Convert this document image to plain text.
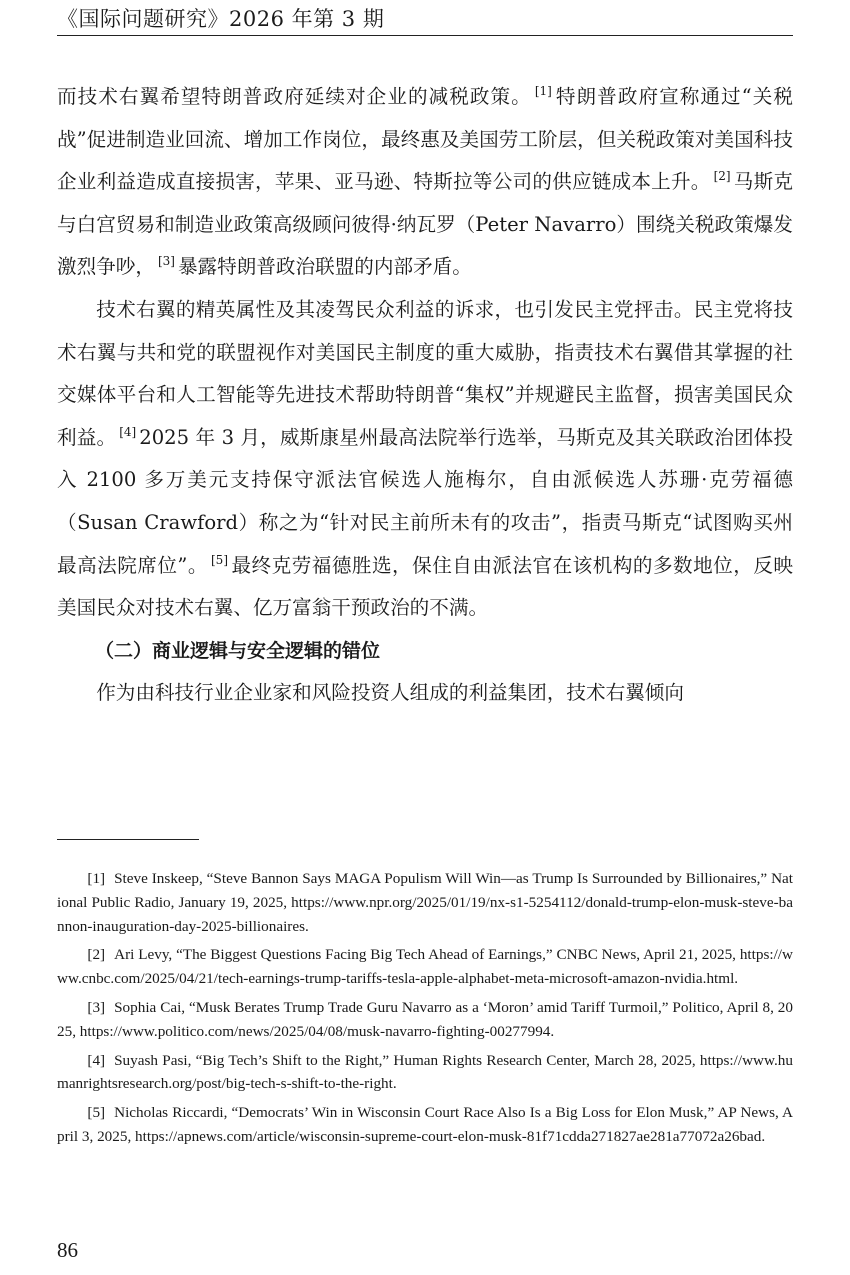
《国际问题研究》2026 年第 3 期

而技术右翼希望特朗普政府延续对企业的减税政策。 [1] 特朗普政府宣称通过“关税战”促进制造业回流、增加工作岗位，最终惠及美国劳工阶层，但关税政策对美国科技企业利益造成直接损害，苹果、亚马逊、特斯拉等公司的供应链成本上升。 [2] 马斯克与白宫贸易和制造业政策高级顾问彼得·纳瓦罗（Peter Navarro）围绕关税政策爆发激烈争吵， [3] 暴露特朗普政治联盟的内部矛盾。

技术右翼的精英属性及其凌驾民众利益的诉求，也引发民主党抨击。民主党将技术右翼与共和党的联盟视作对美国民主制度的重大威胁，指责技术右翼借其掌握的社交媒体平台和人工智能等先进技术帮助特朗普“集权”并规避民主监督，损害美国民众利益。 [4] 2025 年 3 月，威斯康星州最高法院举行选举，马斯克及其关联政治团体投入 2100 多万美元支持保守派法官候选人施梅尔，自由派候选人苏珊·克劳福德（Susan Crawford）称之为“针对民主前所未有的攻击”，指责马斯克“试图购买州最高法院席位”。 [5] 最终克劳福德胜选，保住自由派法官在该机构的多数地位，反映美国民众对技术右翼、亿万富翁干预政治的不满。

（二）商业逻辑与安全逻辑的错位

作为由科技行业企业家和风险投资人组成的利益集团，技术右翼倾向

[1] Steve Inskeep, “Steve Bannon Says MAGA Populism Will Win—as Trump Is Surrounded by Billionaires,” National Public Radio, January 19, 2025, https://www.npr.org/2025/01/19/nx-s1-5254112/donald-trump-elon-musk-steve-bannon-inauguration-day-2025-billionaires.

[2] Ari Levy, “The Biggest Questions Facing Big Tech Ahead of Earnings,” CNBC News, April 21, 2025, https://www.cnbc.com/2025/04/21/tech-earnings-trump-tariffs-tesla-apple-alphabet-meta-microsoft-amazon-nvidia.html.

[3] Sophia Cai, “Musk Berates Trump Trade Guru Navarro as a ‘Moron’ amid Tariff Turmoil,” Politico, April 8, 2025, https://www.politico.com/news/2025/04/08/musk-navarro-fighting-00277994.

[4] Suyash Pasi, “Big Tech’s Shift to the Right,” Human Rights Research Center, March 28, 2025, https://www.humanrightsresearch.org/post/big-tech-s-shift-to-the-right.

[5] Nicholas Riccardi, “Democrats’ Win in Wisconsin Court Race Also Is a Big Loss for Elon Musk,” AP News, April 3, 2025, https://apnews.com/article/wisconsin-supreme-court-elon-musk-81f71cdda271827ae281a77072a26bad.

86
